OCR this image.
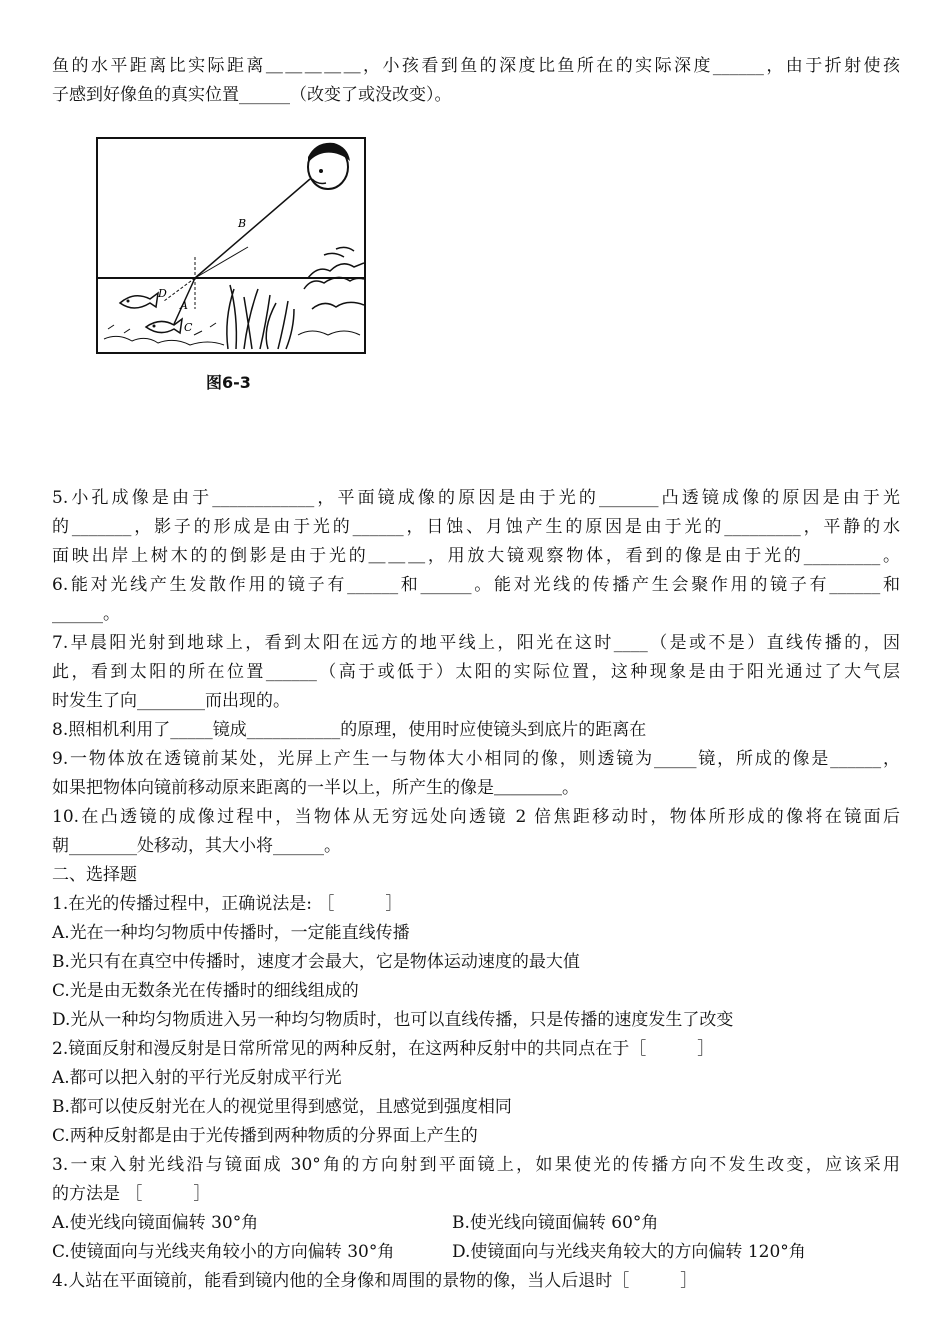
鱼的水平距离比实际距离＿＿＿＿＿，小孩看到鱼的深度比鱼所在的实际深度______，由于折射使孩
子感到好像鱼的真实位置______（改变了或没改变）。
B
D
A
C
图6-3
5.小孔成像是由于____________，平面镜成像的原因是由于光的_______凸透镜成像的原因是由于光
的_______，影子的形成是由于光的______，日蚀、月蚀产生的原因是由于光的_________，平静的水
面映出岸上树木的的倒影是由于光的＿＿＿，用放大镜观察物体，看到的像是由于光的_________。
6.能对光线产生发散作用的镜子有______和______。能对光线的传播产生会聚作用的镜子有______和
______。
7.早晨阳光射到地球上，看到太阳在远方的地平线上，阳光在这时____（是或不是）直线传播的，因
此，看到太阳的所在位置______（高于或低于）太阳的实际位置，这种现象是由于阳光通过了大气层
时发生了向________而出现的。
8.照相机利用了_____镜成___________的原理，使用时应使镜头到底片的距离在
9.一物体放在透镜前某处，光屏上产生一与物体大小相同的像，则透镜为_____镜，所成的像是______，
如果把物体向镜前移动原来距离的一半以上，所产生的像是＿＿＿＿。
10.在凸透镜的成像过程中，当物体从无穷远处向透镜 2 倍焦距移动时，物体所形成的像将在镜面后
朝________处移动，其大小将______。
二、选择题
1.在光的传播过程中，正确说法是: ［　　　］
A.光在一种均匀物质中传播时，一定能直线传播
B.光只有在真空中传播时，速度才会最大，它是物体运动速度的最大值
C.光是由无数条光在传播时的细线组成的
D.光从一种均匀物质进入另一种均匀物质时，也可以直线传播，只是传播的速度发生了改变
2.镜面反射和漫反射是日常所常见的两种反射，在这两种反射中的共同点在于［　　　］
A.都可以把入射的平行光反射成平行光
B.都可以使反射光在人的视觉里得到感觉，且感觉到强度相同
C.两种反射都是由于光传播到两种物质的分界面上产生的
3.一束入射光线沿与镜面成 30°角的方向射到平面镜上，如果使光的传播方向不发生改变，应该采用
的方法是 ［　　　］
A.使光线向镜面偏转 30°角	B.使光线向镜面偏转 60°角
C.使镜面向与光线夹角较小的方向偏转 30°角	D.使镜面向与光线夹角较大的方向偏转 120°角
4.人站在平面镜前，能看到镜内他的全身像和周围的景物的像，当人后退时［　　　］
